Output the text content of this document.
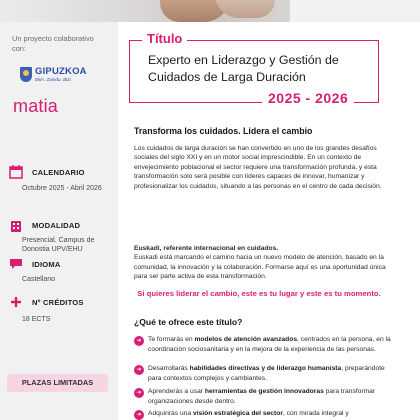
Un proyecto colaborativo con:
GIPUZKOA
Ekin. Zaindu. Bizi.
matia
CALENDARIO
Octubre 2025 - Abril 2026
MODALIDAD
Presencial. Campus de Donostia UPV/EHU
IDIOMA
Castellano
Nº CRÉDITOS
18 ECTS
PLAZAS LIMITADAS
Título
Experto en Liderazgo y Gestión de Cuidados de Larga Duración
2025 - 2026
Transforma los cuidados. Lidera el cambio
Los cuidados de larga duración se han convertido en uno de los grandes desafíos sociales del siglo XXI y en un motor social imprescindible. En un contexto de envejecimiento poblacional el sector requiere una transformación profunda, y esta transformación solo será posible con líderes capaces de innovar, humanizar y profesionalizar los cuidados, situando a las personas en el centro de cada decisión.
Euskadi, referente internacional en cuidados.
Euskadi está marcando el camino hacia un nuevo modelo de atención, basado en la comunidad, la innovación y la colaboración. Formarse aquí es una oportunidad única para ser parte activa de esta transformación.
Si quieres liderar el cambio, este es tu lugar y este es tu momento.
¿Qué te ofrece este título?
➜ Te formarás en modelos de atención avanzados, centrados en la persona, en la coordinación sociosanitaria y en la mejora de la experiencia de las personas.
➜ Desarrollarás habilidades directivas y de liderazgo humanista, preparándote para contextos complejos y cambiantes.
➜ Aprenderás a usar herramientas de gestión innovadoras para transformar organizaciones desde dentro.
➜ Adquirirás una visión estratégica del sector, con mirada integral y
